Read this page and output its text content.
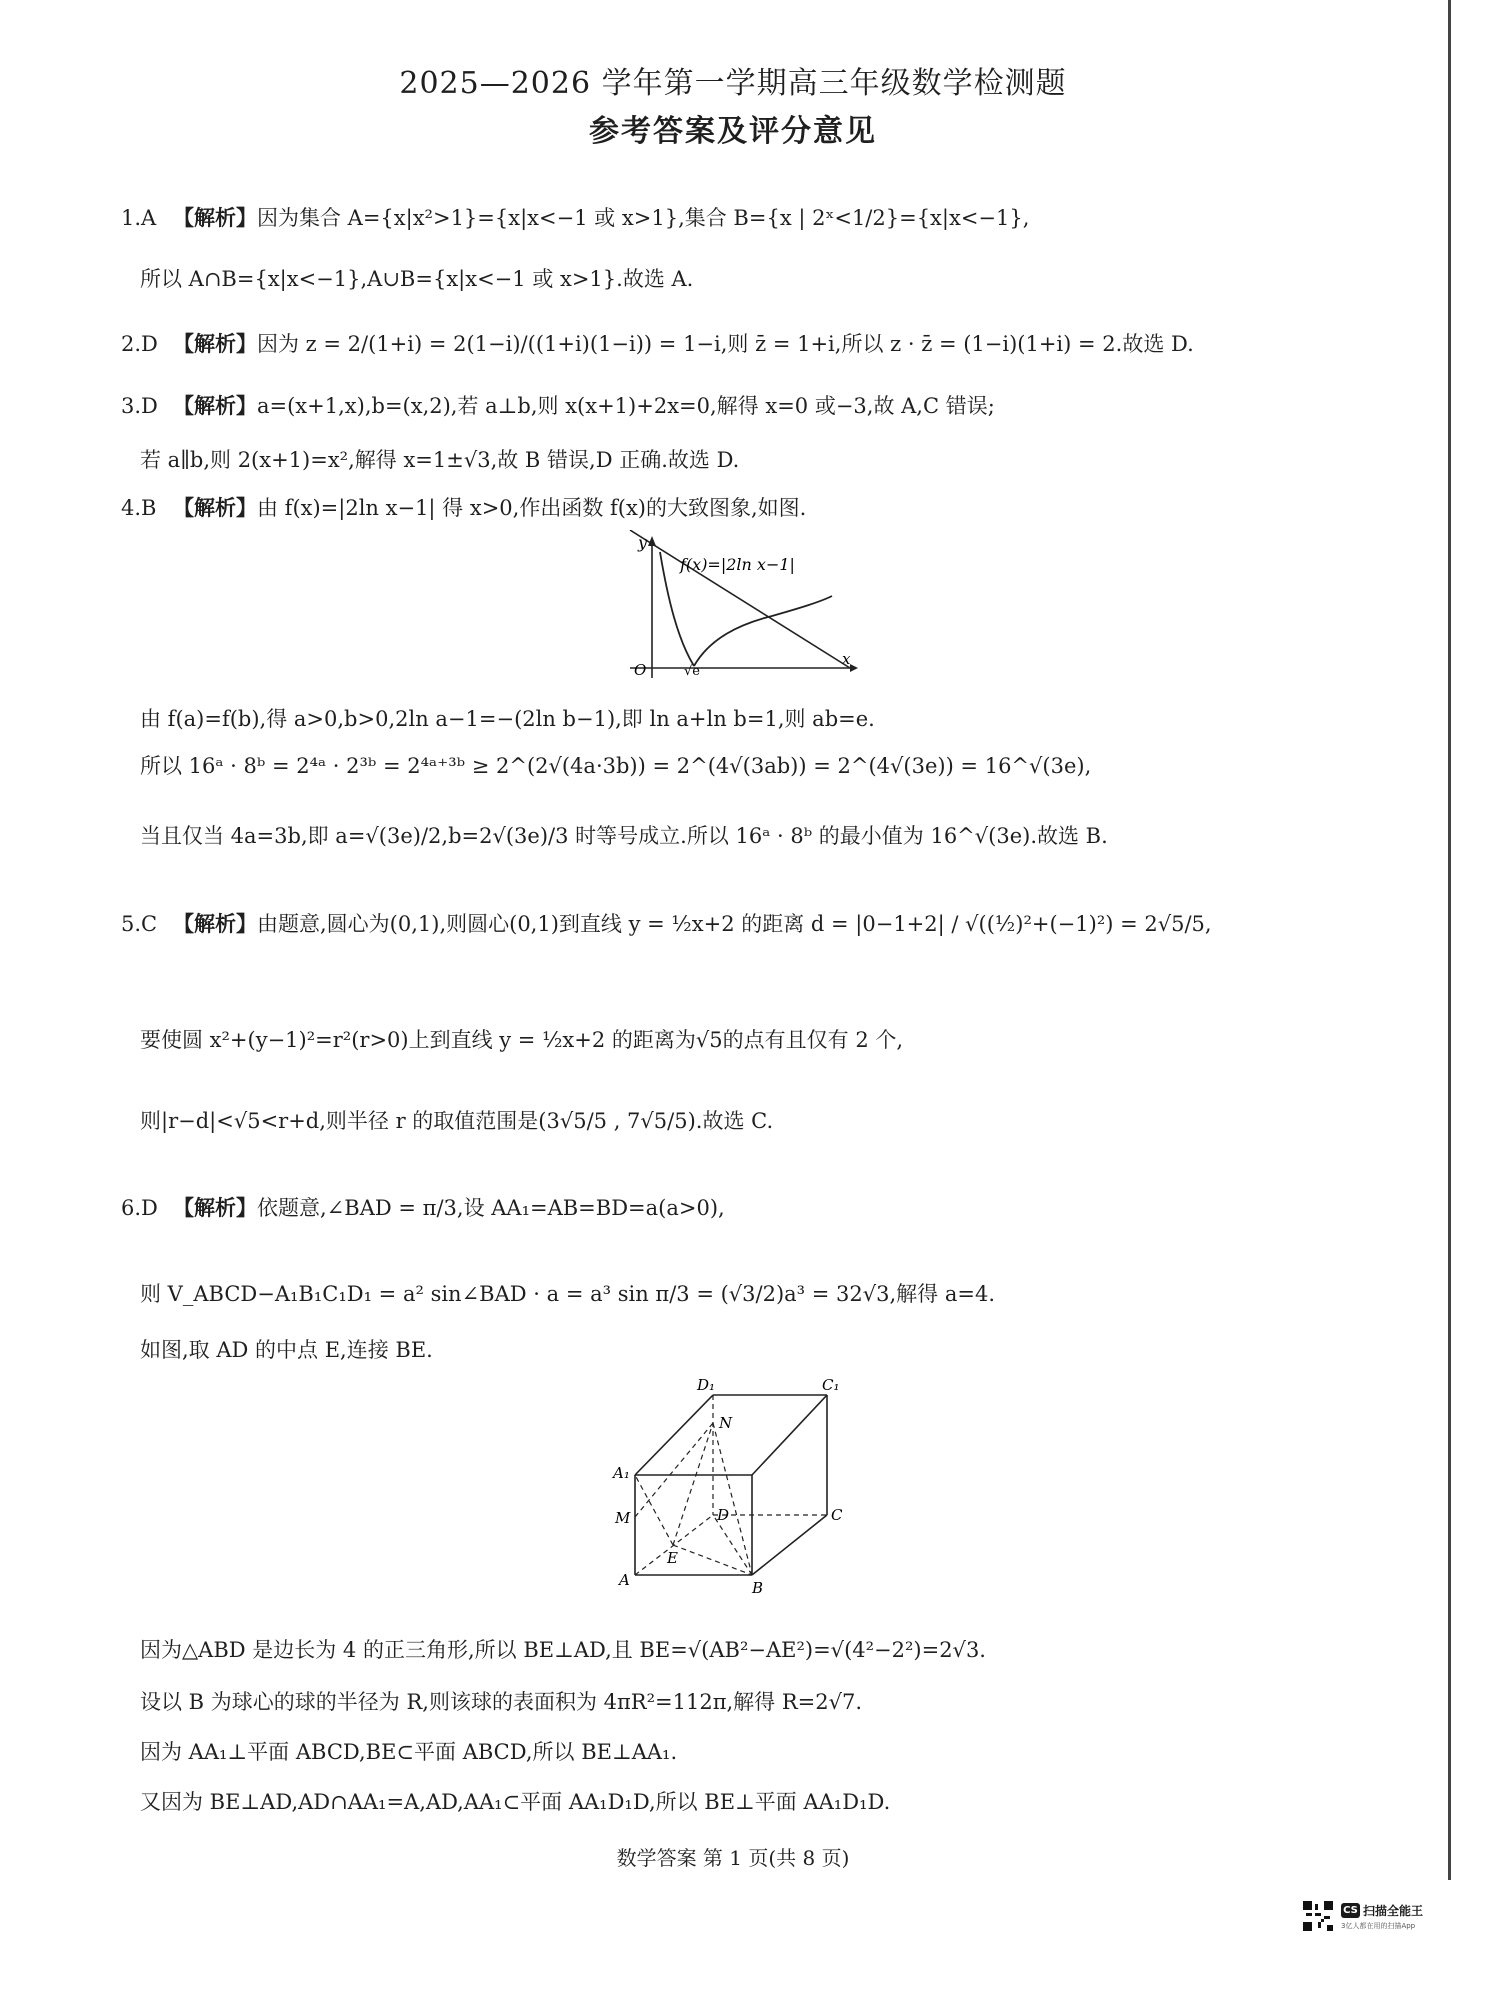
2025—2026 学年第一学期高三年级数学检测题
参考答案及评分意见
1.A 【解析】因为集合 A={x|x²>1}={x|x<−1 或 x>1},集合 B={x | 2ˣ<1/2}={x|x<−1},
所以 A∩B={x|x<−1},A∪B={x|x<−1 或 x>1}.故选 A.
2.D 【解析】因为 z = 2/(1+i) = 2(1−i)/((1+i)(1−i)) = 1−i,则 z̄ = 1+i,所以 z · z̄ = (1−i)(1+i) = 2.故选 D.
3.D 【解析】a=(x+1,x),b=(x,2),若 a⊥b,则 x(x+1)+2x=0,解得 x=0 或−3,故 A,C 错误;
若 a∥b,则 2(x+1)=x²,解得 x=1±√3,故 B 错误,D 正确.故选 D.
4.B 【解析】由 f(x)=|2ln x−1| 得 x>0,作出函数 f(x)的大致图象,如图.
f(x)=|2ln x−1|
y
x
O	√e
由 f(a)=f(b),得 a>0,b>0,2ln a−1=−(2ln b−1),即 ln a+ln b=1,则 ab=e.
所以 16ᵃ · 8ᵇ = 2⁴ᵃ · 2³ᵇ = 2⁴ᵃ⁺³ᵇ ≥ 2^(2√(4a·3b)) = 2^(4√(3ab)) = 2^(4√(3e)) = 16^√(3e),
当且仅当 4a=3b,即 a=√(3e)/2,b=2√(3e)/3 时等号成立.所以 16ᵃ · 8ᵇ 的最小值为 16^√(3e).故选 B.
5.C 【解析】由题意,圆心为(0,1),则圆心(0,1)到直线 y = ½x+2 的距离 d = |0−1+2| / √((½)²+(−1)²) = 2√5/5,
要使圆 x²+(y−1)²=r²(r>0)上到直线 y = ½x+2 的距离为√5的点有且仅有 2 个,
则|r−d|<√5<r+d,则半径 r 的取值范围是(3√5/5 , 7√5/5).故选 C.
6.D 【解析】依题意,∠BAD = π/3,设 AA₁=AB=BD=a(a>0),
则 V_ABCD−A₁B₁C₁D₁ = a² sin∠BAD · a = a³ sin π/3 = (√3/2)a³ = 32√3,解得 a=4.
如图,取 AD 的中点 E,连接 BE.
D₁	C₁
N
A₁
M	D	C
E
A	B
因为△ABD 是边长为 4 的正三角形,所以 BE⊥AD,且 BE=√(AB²−AE²)=√(4²−2²)=2√3.
设以 B 为球心的球的半径为 R,则该球的表面积为 4πR²=112π,解得 R=2√7.
因为 AA₁⊥平面 ABCD,BE⊂平面 ABCD,所以 BE⊥AA₁.
又因为 BE⊥AD,AD∩AA₁=A,AD,AA₁⊂平面 AA₁D₁D,所以 BE⊥平面 AA₁D₁D.
数学答案 第 1 页(共 8 页)
CS 扫描全能王
3亿人都在用的扫描App
